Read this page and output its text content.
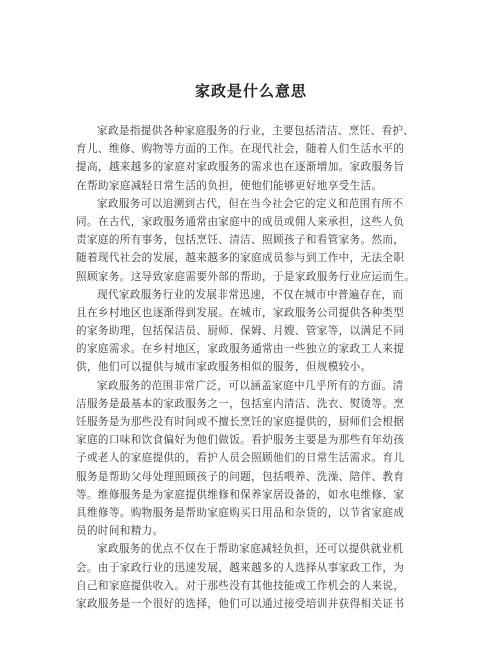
家政是什么意思
家政是指提供各种家庭服务的行业，主要包括清洁、烹饪、看护、
育儿、维修、购物等方面的工作。在现代社会，随着人们生活水平的
提高，越来越多的家庭对家政服务的需求也在逐渐增加。家政服务旨
在帮助家庭减轻日常生活的负担，使他们能够更好地享受生活。
家政服务可以追溯到古代，但在当今社会它的定义和范围有所不
同。在古代，家政服务通常由家庭中的成员或佣人来承担，这些人负
责家庭的所有事务，包括烹饪、清洁、照顾孩子和看管家务。然而，
随着现代社会的发展，越来越多的家庭成员参与到工作中，无法全职
照顾家务。这导致家庭需要外部的帮助，于是家政服务行业应运而生。
现代家政服务行业的发展非常迅速，不仅在城市中普遍存在，而
且在乡村地区也逐渐得到发展。在城市，家政服务公司提供各种类型
的家务助理，包括保洁员、厨师、保姆、月嫂、管家等，以满足不同
的家庭需求。在乡村地区，家政服务通常由一些独立的家政工人来提
供，他们可以提供与城市家政服务相似的服务，但规模较小。
家政服务的范围非常广泛，可以涵盖家庭中几乎所有的方面。清
洁服务是最基本的家政服务之一，包括室内清洁、洗衣、熨烫等。烹
饪服务是为那些没有时间或不擅长烹饪的家庭提供的，厨师们会根据
家庭的口味和饮食偏好为他们做饭。看护服务主要是为那些有年幼孩
子或老人的家庭提供的，看护人员会照顾他们的日常生活需求。育儿
服务是帮助父母处理照顾孩子的问题，包括喂养、洗澡、陪伴、教育
等。维修服务是为家庭提供维修和保养家居设备的，如水电维修、家
具维修等。购物服务是帮助家庭购买日用品和杂货的，以节省家庭成
员的时间和精力。
家政服务的优点不仅在于帮助家庭减轻负担，还可以提供就业机
会。由于家政行业的迅速发展，越来越多的人选择从事家政工作，为
自己和家庭提供收入。对于那些没有其他技能或工作机会的人来说，
家政服务是一个很好的选择，他们可以通过接受培训并获得相关证书
